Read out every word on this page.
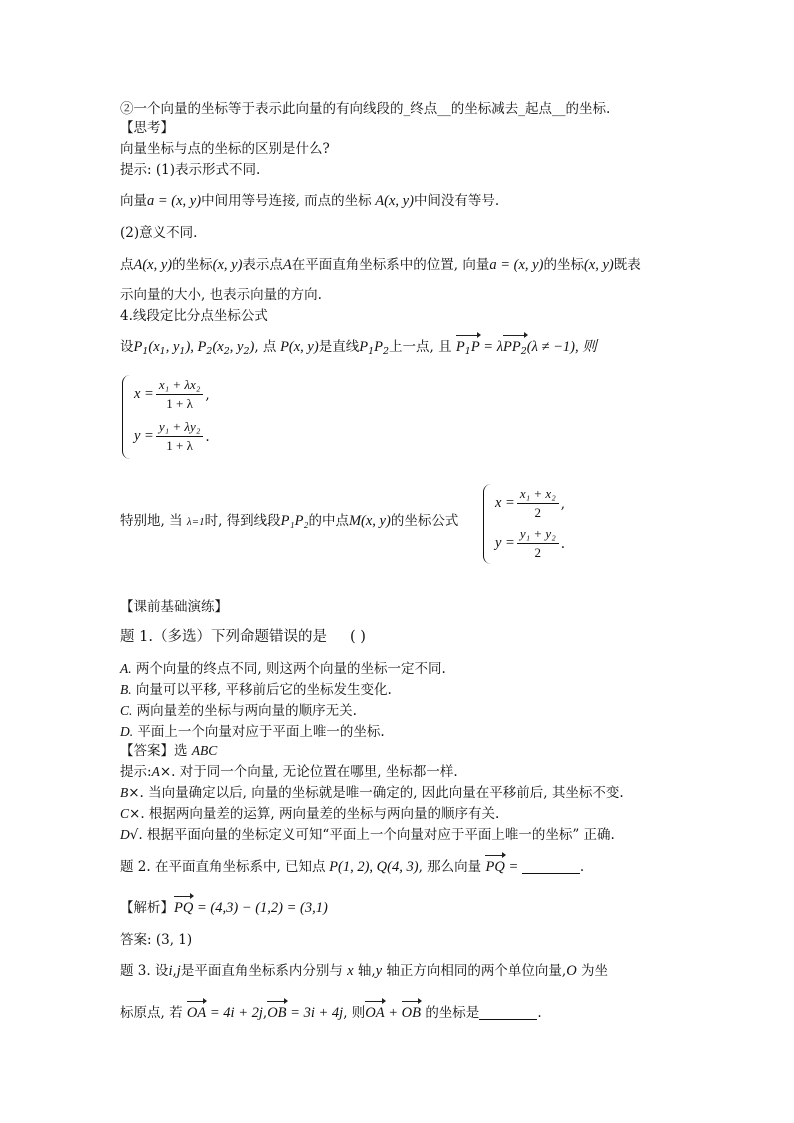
②一个向量的坐标等于表示此向量的有向线段的_终点__的坐标减去_起点__的坐标.
【思考】
向量坐标与点的坐标的区别是什么?
提示: (1)表示形式不同.
向量a = (x, y)中间用等号连接, 而点的坐标 A(x, y)中间没有等号.
(2)意义不同.
点A(x, y)的坐标(x, y)表示点A在平面直角坐标系中的位置, 向量a = (x, y)的坐标(x, y)既表
示向量的大小, 也表示向量的方向.
4.线段定比分点坐标公式
设$P_1(x_1$, $y_1$), $P_2(x_2$, $y_2$), 点 P(x, y)是直线$P_1P_2$上一点, 且 $P_1P = \lambda PP_2(\lambda \ne -1)$, 则
$x = \frac{\text{x₁ + λx₂}}{1 + \lambda}$ ,
$y = \frac{\text{y₁ + λy₂}}{1 + \lambda}$ .
特别地, 当 λ=1时, 得到线段P₁P₂的中点M(x, y)的坐标公式
$x = \frac{\text{x₁ + x₂}}{2}$ ,
$y = \frac{\text{y₁ + y₂}}{2}$ .
【课前基础演练】
题 1.（多选）下列命题错误的是 ( )
A. 两个向量的终点不同, 则这两个向量的坐标一定不同.
B. 向量可以平移, 平移前后它的坐标发生变化.
C. 两向量差的坐标与两向量的顺序无关.
D. 平面上一个向量对应于平面上唯一的坐标.
【答案】选 ABC
提示:A×. 对于同一个向量, 无论位置在哪里, 坐标都一样.
B×. 当向量确定以后, 向量的坐标就是唯一确定的, 因此向量在平移前后, 其坐标不变.
C×. 根据两向量差的运算, 两向量差的坐标与两向量的顺序有关.
D√. 根据平面向量的坐标定义可知“平面上一个向量对应于平面上唯一的坐标” 正确.
题 2. 在平面直角坐标系中, 已知点 P(1, 2), Q(4, 3), 那么向量 PQ =	.
【解析】PQ = (4,3) − (1,2) = (3,1)
答案: (3, 1)
题 3. 设i,j是平面直角坐标系内分别与 x 轴,y 轴正方向相同的两个单位向量,O 为坐
标原点, 若 OA = 4i + 2j,OB = 3i + 4j, 则OA + OB 的坐标是	.
